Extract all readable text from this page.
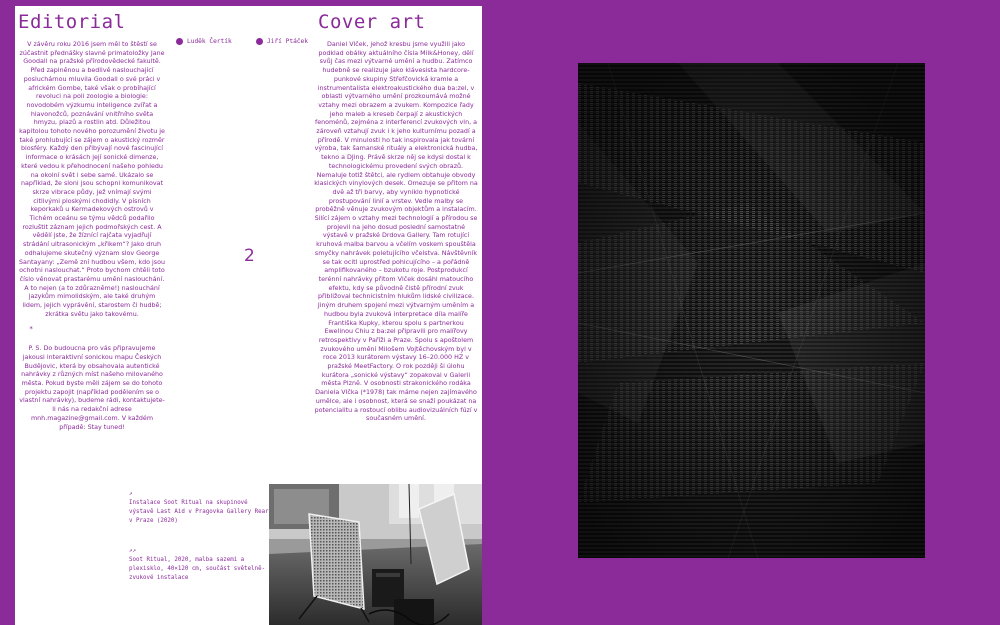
Editorial	Cover art
Luděk Čertík	Jiří Ptáček

V závěru roku 2016 jsem měl to štěstí se zúčastnit přednášky slavné primatoložky Jane Goodall na pražské přírodovědecké fakultě. Před zaplněnou a bedlivě naslouchající posluchárnou mluvila Goodall o své práci v africkém Gombe, také však o probíhající revoluci na poli zoologie a biologie: novodobém výzkumu inteligence zvířat a hlavonožců, poznávání vnitřního světa hmyzu, plazů a rostlin atd. Důležitou kapitolou tohoto nového porozumění životu je také prohlubující se zájem o akustický rozměr biosféry. Každý den přibývají nové fascinující informace o krásách její sonické dimenze, které vedou k přehodnocení našeho pohledu na okolní svět i sebe samé. Ukázalo se například, že sloni jsou schopni komunikovat skrze vibrace půdy, jež vnímají svými citlivými ploskými chodidly. V písních keporkaků u Kermadekových ostrovů v Tichém oceánu se týmu vědců podařilo rozluštit záznam jejich podmořských cest. A vědělí jste, že žíznící rajčata vyjadřují strádání ultrasonickým „křikem“? Jako druh odhalujeme skutečný význam slov George Santayany: „Země zní hudbou všem, kdo jsou ochotni naslouchat.“ Proto bychom chtěli toto číslo věnovat prastarému umění naslouchání. A to nejen (a to zdůrazněme!) naslouchání jazykům mimolidským, ale také druhým lidem, jejich vyprávění, starostem či hudbě; zkrátka světu jako takovému.

*

P. S. Do budoucna pro vás připravujeme jakousi interaktivní sonickou mapu Českých Budějovic, která by obsahovala autentické nahrávky z různých míst našeho milovaného města. Pokud byste měli zájem se do tohoto projektu zapojit (například podělením se o vlastní nahrávky), budeme rádi, kontaktujete-li nás na redakční adrese mnh.magazine@gmail.com. V každém případě: Stay tuned!

2

Daniel Vlček, jehož kresbu jsme využili jako podklad obálky aktuálního čísla Milk&Honey, dělí svůj čas mezi výtvarné umění a hudbu. Zatímco hudebně se realizuje jako klávesista hardcore-punkové skupiny Střefčovická kramle a instrumentalista elektroakustického dua ba:zel, v oblasti výtvarného umění prozkoumává možné vztahy mezi obrazem a zvukem. Kompozice řady jeho maleb a kreseb čerpají z akustických fenoménů, zejména z interferencí zvukových vln, a zároveň vztahují zvuk i k jeho kulturnímu pozadí a přírodě. V minulosti ho tak inspirovala jak tovární výroba, tak šamanské rituály a elektronická hudba, tekno a DJing. Právě skrze něj se kdysi dostal k technologickému provedení svých obrazů. Nemaluje totiž štětci, ale rydlem obtahuje obvody klasických vinylových desek. Omezuje se přitom na dvě až tři barvy, aby vyniklo hypnotické prostupování linií a vrstev. Vedle malby se proběžně věnuje zvukovým objektům a instalacím. Silící zájem o vztahy mezi technologií a přírodou se projevil na jeho dosud poslední samostatné výstavě v pražské Drdova Gallery. Tam rotující kruhová malba barvou a včelím voskem spouštěla smyčky nahrávek poletujícího včelstva. Návštěvník se tak ocitl uprostřed pohlcujícího – a pořádně amplifikovaného – bzukotu roje. Postprodukcí terénní nahrávky přitom Vlček dosáhl matoucího efektu, kdy se původně čistě přírodní zvuk přibližoval technicistním hlukům lidské civilizace.

Jiným druhem spojení mezi výtvarným uměním a hudbou byla zvuková interpretace díla malíře Františka Kupky, kterou spolu s partnerkou Ewelinou Chiu z ba:zel připravili pro malířovy retrospektivy v Paříži a Praze. Spolu s apoštolem zvukového umění Milošem Vojtěchovským byl v roce 2013 kurátorem výstavy 16–20.000 HZ v pražské MeetFactory. O rok později ši úlohu kurátora „sonické výstavy“ zopakoval v Galerii města Plzně. V osobnosti strakonického rodáka Daniela Vlčka (*1978) tak máme nejen zajímavého umělce, ale i osobnost, která se snaží poukázat na potencialitu a rostoucí oblibu audiovizuálních fúzí v současném umění.

↗
Instalace Soot Ritual na skupinové výstavě Last Aid v Pragovka Gallery Rear v Praze (2020)
↗↗
Soot Ritual, 2020, malba sazemi a plexisklo, 40×120 cm, součást světelně-zvukové instalace
